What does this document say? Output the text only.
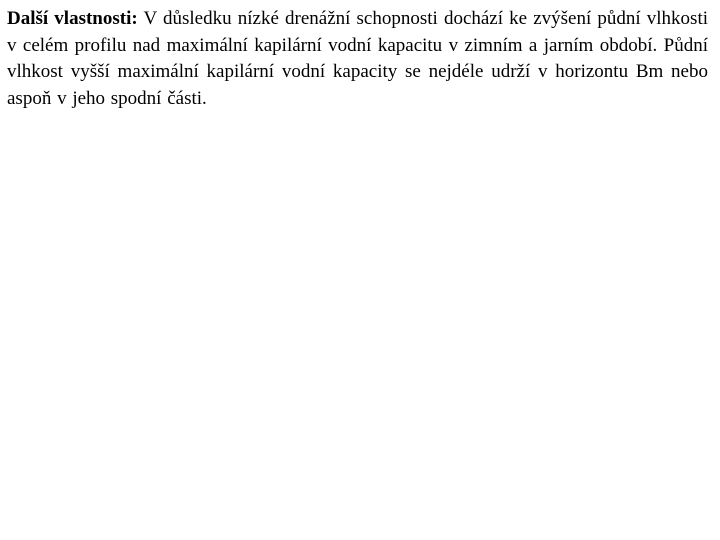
Další vlastnosti: V důsledku nízké drenážní schopnosti dochází ke zvýšení půdní vlhkosti v celém profilu nad maximální kapilární vodní kapacitu v zimním a jarním období. Půdní vlhkost vyšší maximální kapilární vodní kapacity se nejdéle udrží v horizontu Bm nebo aspoň v jeho spodní části.
